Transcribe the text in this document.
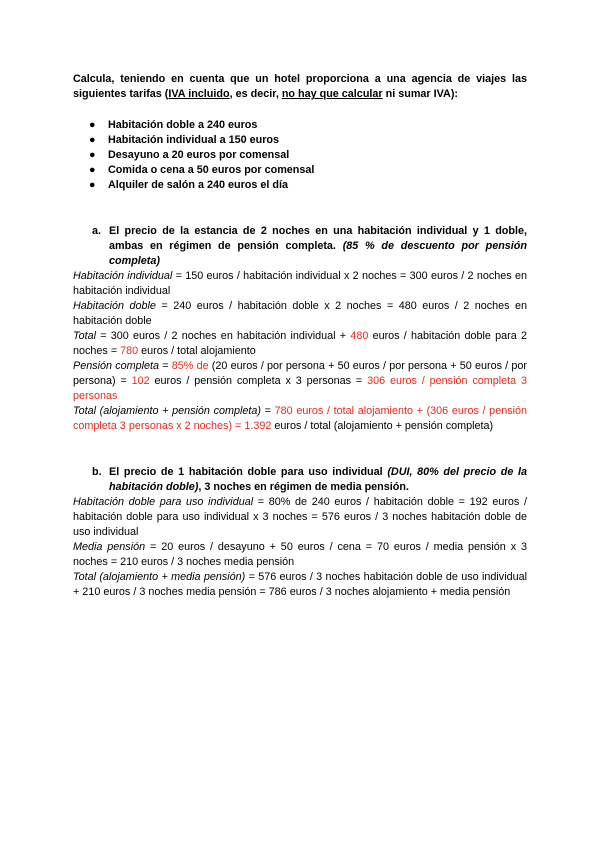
Calcula, teniendo en cuenta que un hotel proporciona a una agencia de viajes las siguientes tarifas (IVA incluido, es decir, no hay que calcular ni sumar IVA):

● Habitación doble a 240 euros
● Habitación individual a 150 euros
● Desayuno a 20 euros por comensal
● Comida o cena a 50 euros por comensal
● Alquiler de salón a 240 euros el día

a. El precio de la estancia de 2 noches en una habitación individual y 1 doble, ambas en régimen de pensión completa. (85 % de descuento por pensión completa)

Habitación individual = 150 euros / habitación individual x 2 noches = 300 euros / 2 noches en habitación individual

Habitación doble = 240 euros / habitación doble x 2 noches = 480 euros / 2 noches en habitación doble

Total = 300 euros / 2 noches en habitación individual + 480 euros / habitación doble para 2 noches = 780 euros / total alojamiento

Pensión completa = 85% de (20 euros / por persona + 50 euros / por persona + 50 euros / por persona) = 102 euros / pensión completa x 3 personas = 306 euros / pensión completa 3 personas

Total (alojamiento + pensión completa) = 780 euros / total alojamiento + (306 euros / pensión completa 3 personas x 2 noches) = 1.392 euros / total (alojamiento + pensión completa)

b. El precio de 1 habitación doble para uso individual (DUI, 80% del precio de la habitación doble), 3 noches en régimen de media pensión.

Habitación doble para uso individual = 80% de 240 euros / habitación doble = 192 euros / habitación doble para uso individual x 3 noches = 576 euros / 3 noches habitación doble de uso individual

Media pensión = 20 euros / desayuno + 50 euros / cena = 70 euros / media pensión x 3 noches = 210 euros / 3 noches media pensión

Total (alojamiento + media pensión) = 576 euros / 3 noches habitación doble de uso individual + 210 euros / 3 noches media pensión = 786 euros / 3 noches alojamiento + media pensión
